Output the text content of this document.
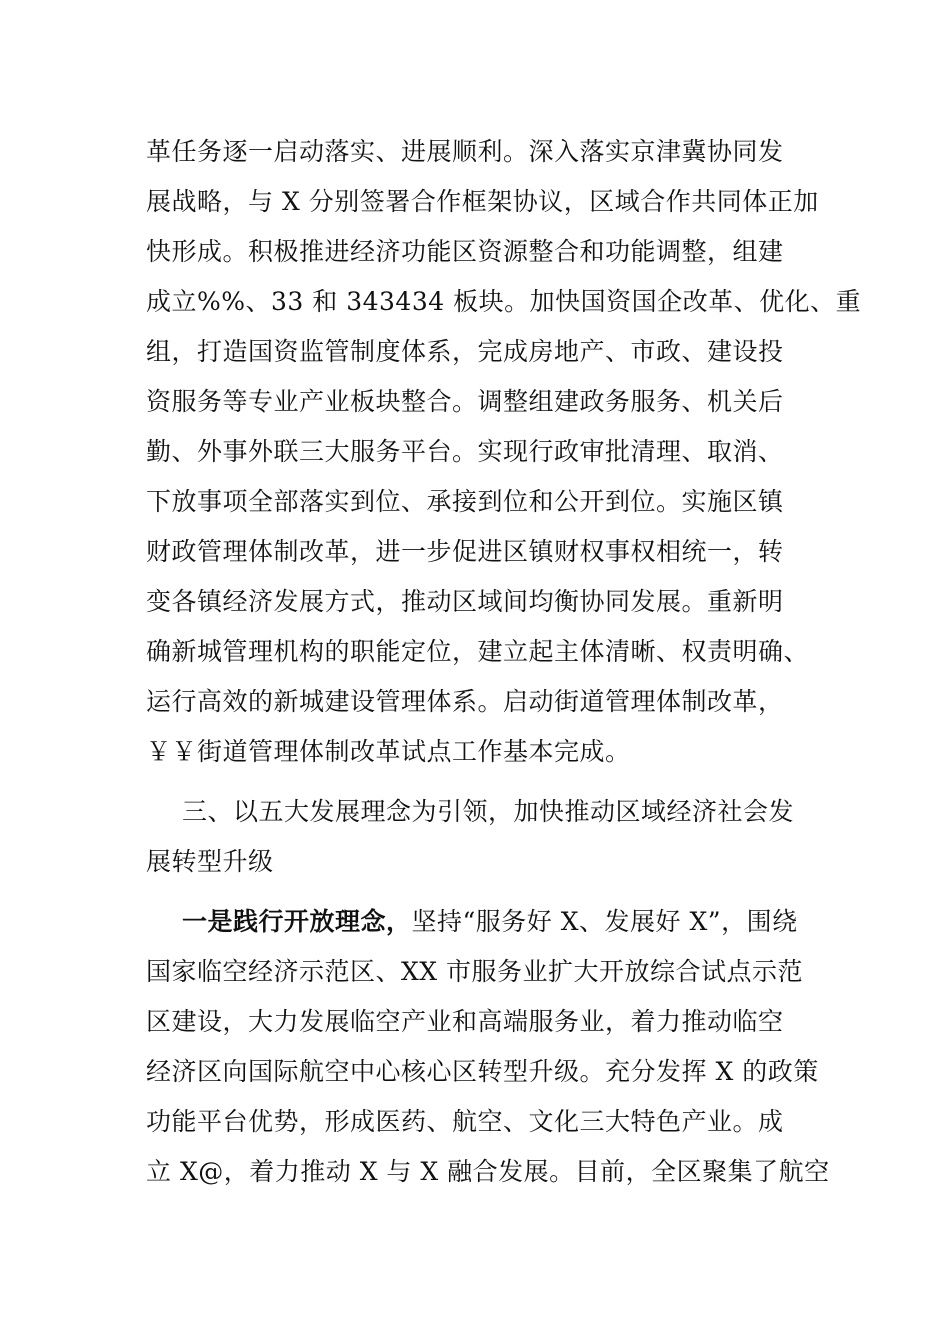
革任务逐一启动落实、进展顺利。深入落实京津冀协同发
展战略，与 X 分别签署合作框架协议，区域合作共同体正加
快形成。积极推进经济功能区资源整合和功能调整，组建
成立%%、33 和 343434 板块。加快国资国企改革、优化、重
组，打造国资监管制度体系，完成房地产、市政、建设投
资服务等专业产业板块整合。调整组建政务服务、机关后
勤、外事外联三大服务平台。实现行政审批清理、取消、
下放事项全部落实到位、承接到位和公开到位。实施区镇
财政管理体制改革，进一步促进区镇财权事权相统一，转
变各镇经济发展方式，推动区域间均衡协同发展。重新明
确新城管理机构的职能定位，建立起主体清晰、权责明确、
运行高效的新城建设管理体系。启动街道管理体制改革，
￥￥街道管理体制改革试点工作基本完成。
三、以五大发展理念为引领，加快推动区域经济社会发
展转型升级
一是践行开放理念，坚持“服务好 X、发展好 X”，围绕
国家临空经济示范区、XX 市服务业扩大开放综合试点示范
区建设，大力发展临空产业和高端服务业，着力推动临空
经济区向国际航空中心核心区转型升级。充分发挥 X 的政策
功能平台优势，形成医药、航空、文化三大特色产业。成
立 X@，着力推动 X 与 X 融合发展。目前，全区聚集了航空
